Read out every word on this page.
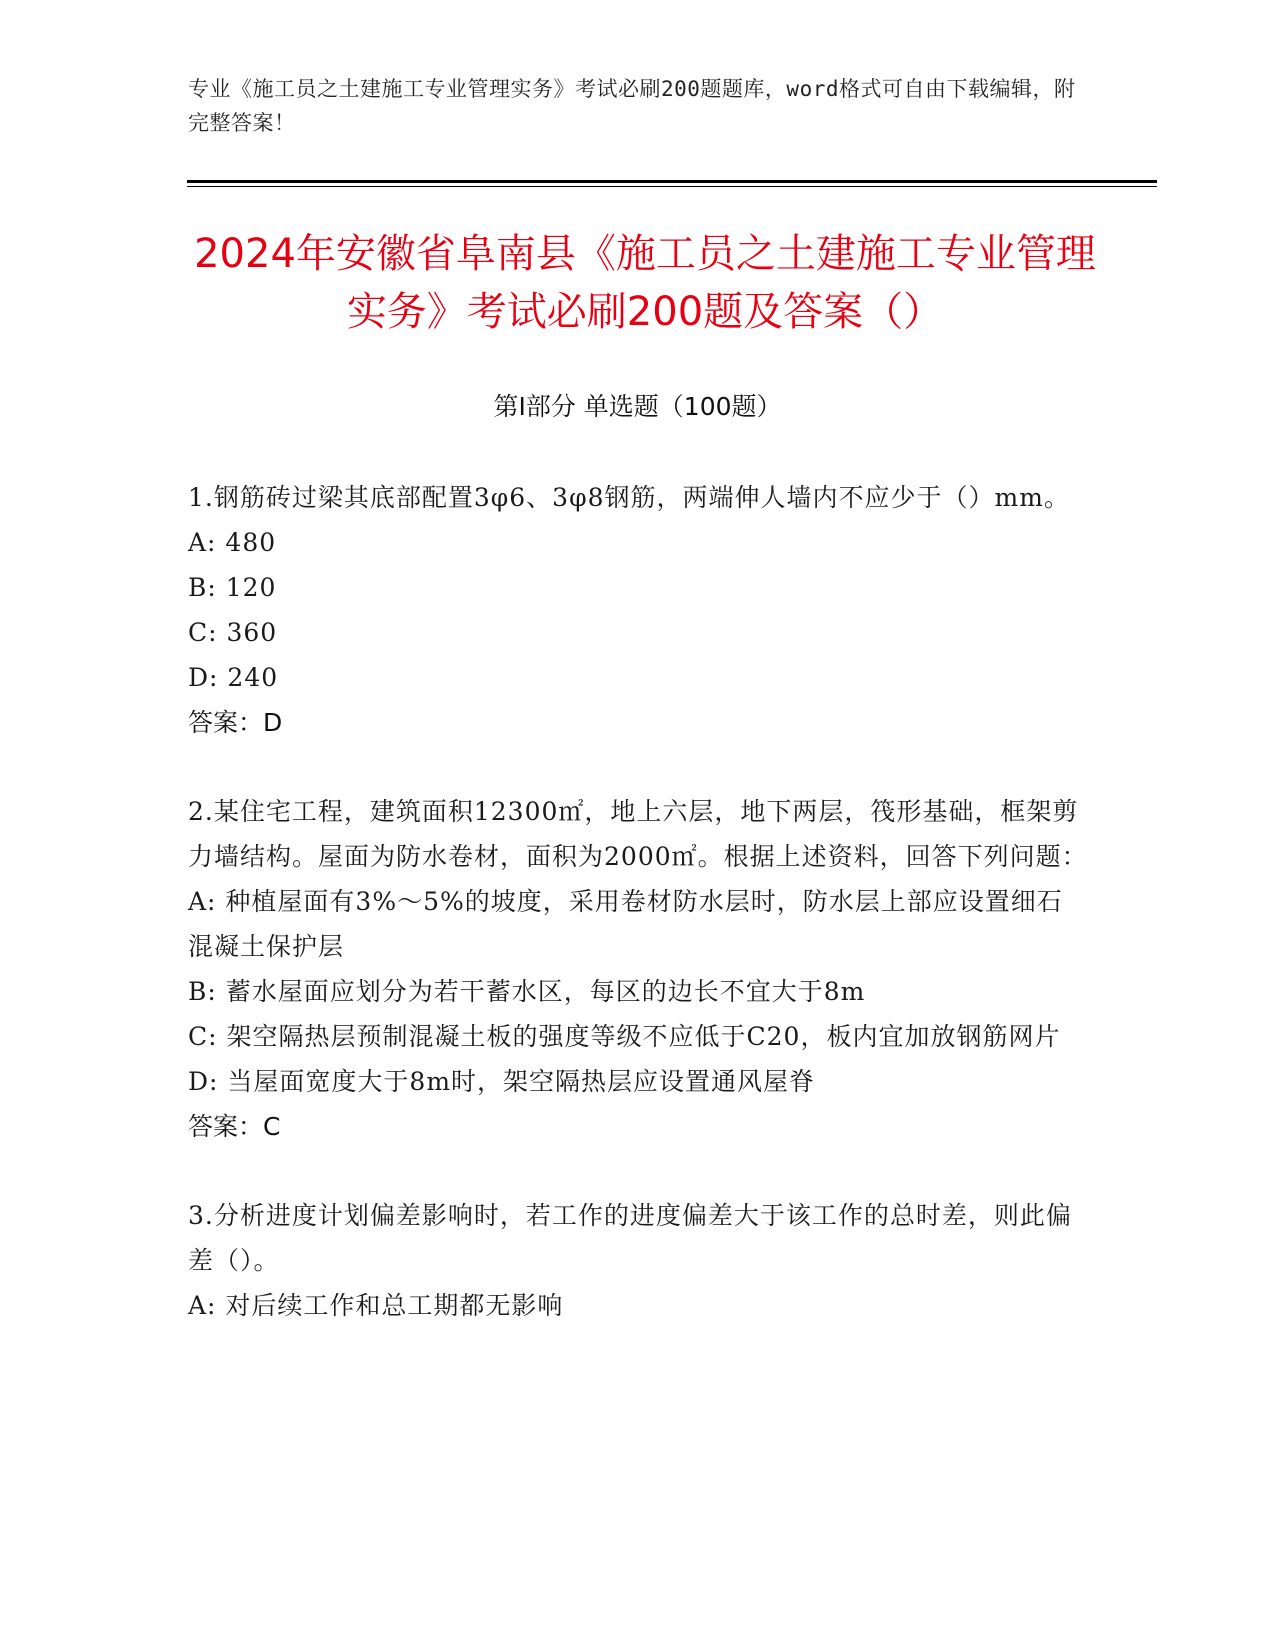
专业《施工员之土建施工专业管理实务》考试必刷200题题库，word格式可自由下载编辑，附完整答案！
2024年安徽省阜南县《施工员之土建施工专业管理实务》考试必刷200题及答案（）
第I部分 单选题（100题）
1.钢筋砖过梁其底部配置3φ6、3φ8钢筋，两端伸人墙内不应少于（）mm。
A: 480
B: 120
C: 360
D: 240
答案：D
2.某住宅工程，建筑面积12300㎡，地上六层，地下两层，筏形基础，框架剪力墙结构。屋面为防水卷材，面积为2000㎡。根据上述资料，回答下列问题：
A: 种植屋面有3%～5%的坡度，采用卷材防水层时，防水层上部应设置细石混凝土保护层
B: 蓄水屋面应划分为若干蓄水区，每区的边长不宜大于8m
C: 架空隔热层预制混凝土板的强度等级不应低于C20，板内宜加放钢筋网片
D: 当屋面宽度大于8m时，架空隔热层应设置通风屋脊
答案：C
3.分析进度计划偏差影响时，若工作的进度偏差大于该工作的总时差，则此偏差（）。
A: 对后续工作和总工期都无影响
